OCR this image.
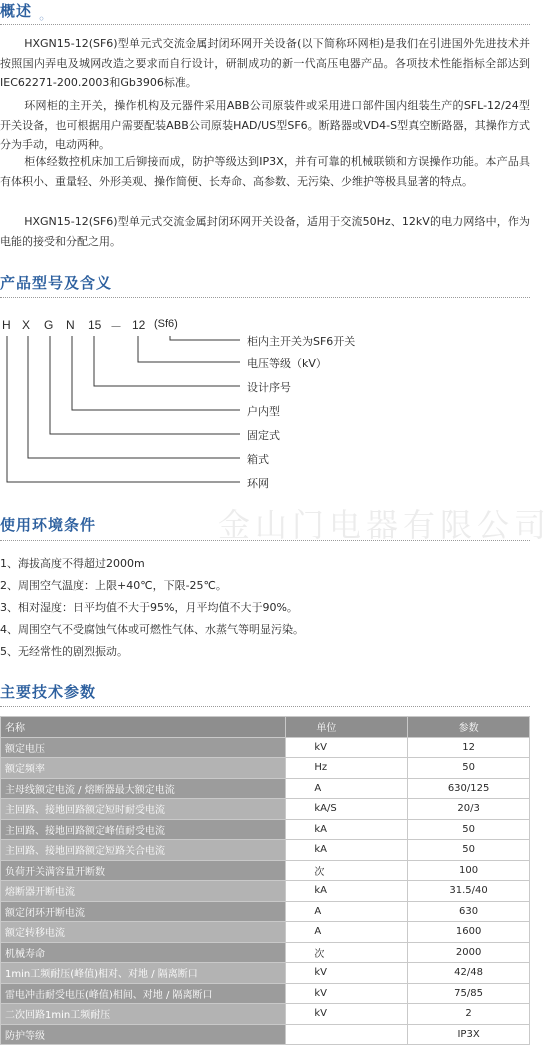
概述 ◦
HXGN15-12(SF6)型单元式交流金属封闭环网开关设备(以下简称环网柜)是我们在引进国外先进技术并按照国内弄电及城网改造之要求而自行设计，研制成功的新一代高压电器产品。各项技术性能指标全部达到IEC62271-200.2003和Gb3906标准。
环网柜的主开关，操作机构及元器件采用ABB公司原装件或采用进口部件国内组装生产的SFL-12/24型开关设备，也可根据用户需要配装ABB公司原装HAD/US型SF6。断路器或VD4-S型真空断路器，其操作方式分为手动，电动两种。
柜体经数控机床加工后铆接而成，防护等级达到IP3X，并有可靠的机械联锁和方误操作功能。本产品具有体积小、重量轻、外形美观、操作简便、长寿命、高参数、无污染、少维护等极具显著的特点。
HXGN15-12(SF6)型单元式交流金属封闭环网开关设备，适用于交流50Hz、12kV的电力网络中，作为电能的接受和分配之用。
产品型号及含义
H X G N 15 － 12 (Sf6)
柜内主开关为SF6开关
电压等级（kV）
设计序号
户内型
固定式
箱式
环网
金山门电器有限公司
使用环境条件
1、海拔高度不得超过2000m
2、周围空气温度：上限+40℃，下限-25℃。
3、相对湿度：日平均值不大于95%，月平均值不大于90%。
4、周围空气不受腐蚀气体或可燃性气体、水蒸气等明显污染。
5、无经常性的剧烈振动。
主要技术参数
名称	单位	参数
额定电压	kV	12
额定频率	Hz	50
主母线额定电流 / 熔断器最大额定电流	A	630/125
主回路、接地回路额定短时耐受电流	kA/S	20/3
主回路、接地回路额定峰值耐受电流	kA	50
主回路、接地回路额定短路关合电流	kA	50
负荷开关满容量开断数	次	100
熔断器开断电流	kA	31.5/40
额定闭环开断电流	A	630
额定转移电流	A	1600
机械寿命	次	2000
1min工频耐压(峰值)相对、对地 / 隔离断口	kV	42/48
雷电冲击耐受电压(峰值)相间、对地 / 隔离断口	kV	75/85
二次回路1min工频耐压	kV	2
防护等级		IP3X
